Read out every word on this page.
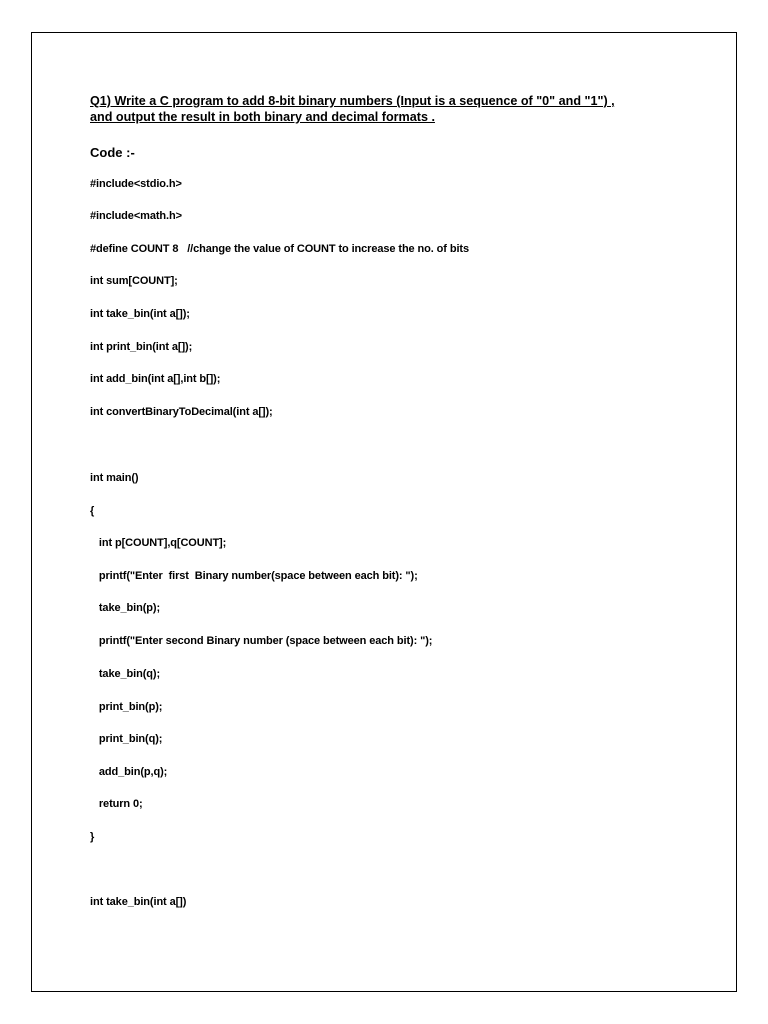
Q1) Write a C program to add 8-bit binary numbers (Input is a sequence of "0" and "1") ,
and output the result in both binary and decimal formats .
Code :-
#include<stdio.h>
#include<math.h>
#define COUNT 8   //change the value of COUNT to increase the no. of bits
int sum[COUNT];
int take_bin(int a[]);
int print_bin(int a[]);
int add_bin(int a[],int b[]);
int convertBinaryToDecimal(int a[]);
int main()
{
int p[COUNT],q[COUNT];
printf("Enter  first  Binary number(space between each bit): ");
take_bin(p);
printf("Enter second Binary number (space between each bit): ");
take_bin(q);
print_bin(p);
print_bin(q);
add_bin(p,q);
return 0;
}
int take_bin(int a[])
